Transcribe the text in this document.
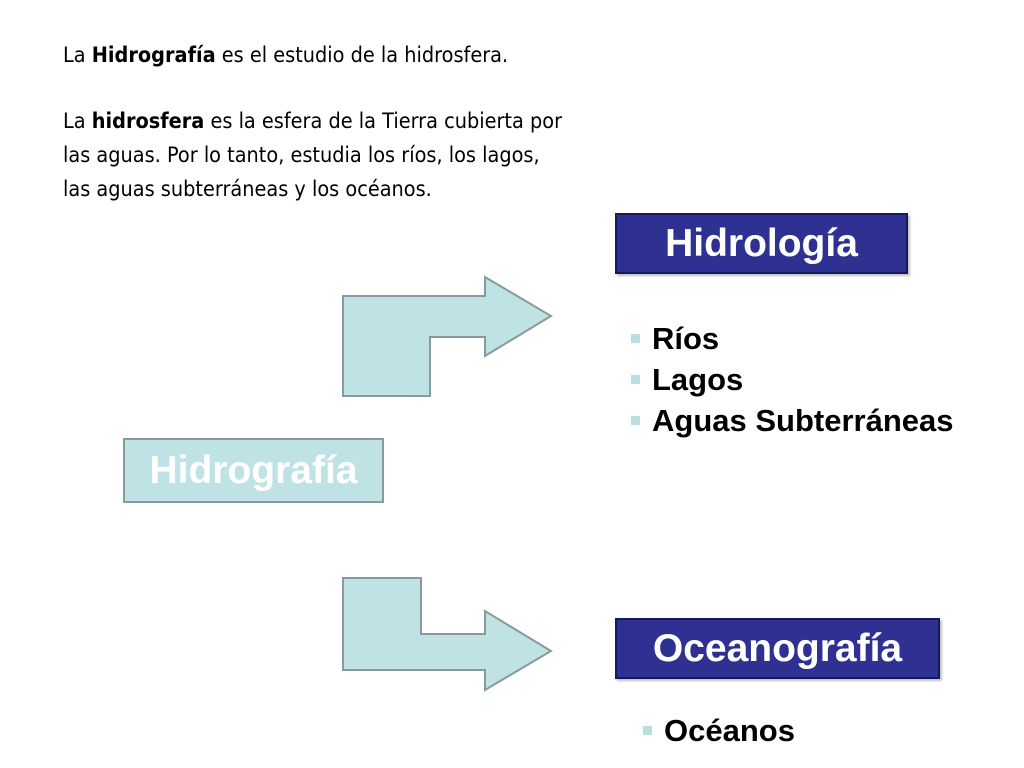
La Hidrografía es el estudio de la hidrosfera.

La hidrosfera es la esfera de la Tierra cubierta por las aguas. Por lo tanto, estudia los ríos, los lagos, las aguas subterráneas y los océanos.

Hidrología
Hidrografía
Oceanografía
Ríos
Lagos
Aguas Subterráneas
Océanos
